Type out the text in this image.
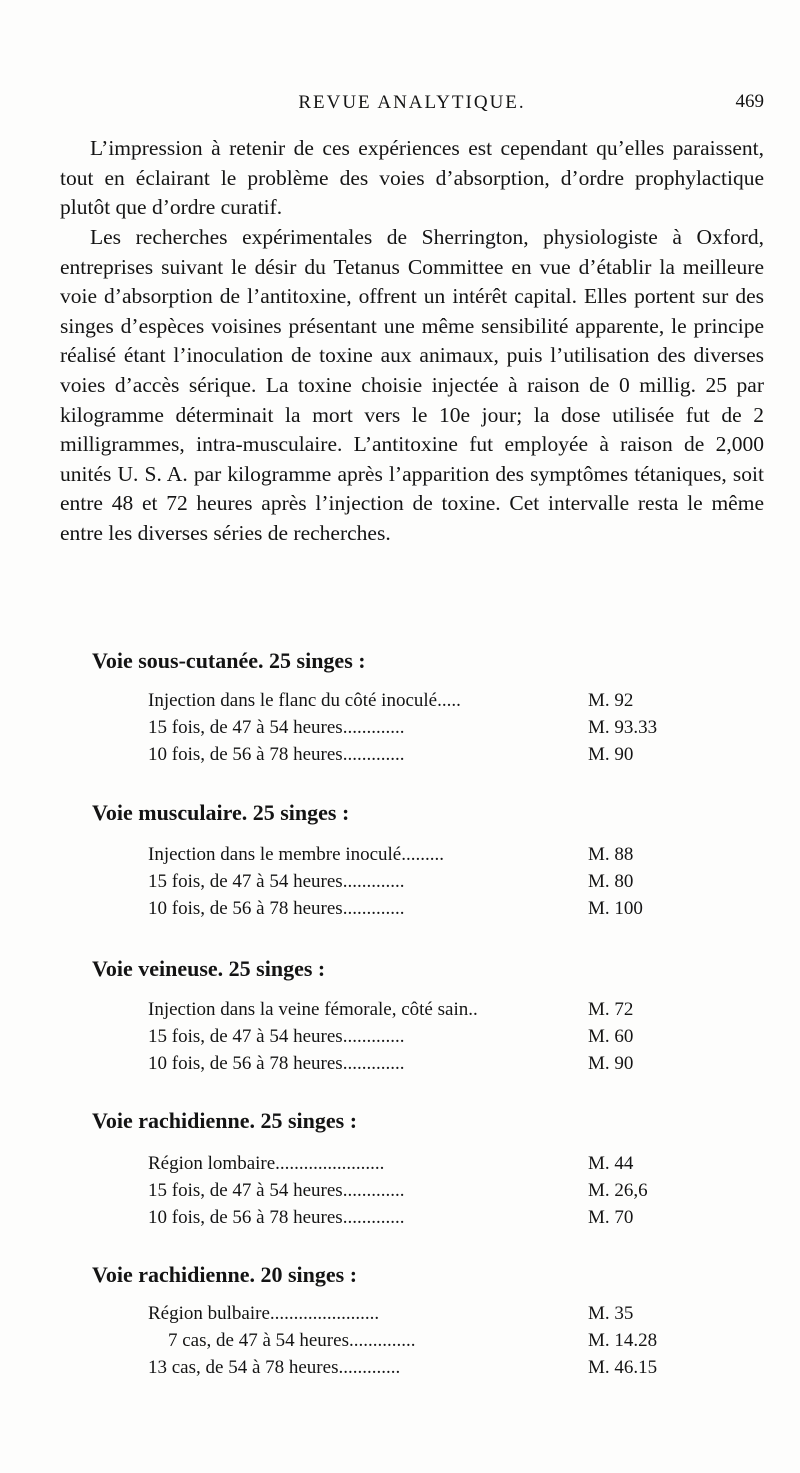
REVUE ANALYTIQUE.	469

L’impression à retenir de ces expériences est cependant qu’elles paraissent, tout en éclairant le problème des voies d’absorption, d’ordre prophylactique plutôt que d’ordre curatif.

Les recherches expérimentales de Sherrington, physiologiste à Oxford, entreprises suivant le désir du Tetanus Committee en vue d’établir la meilleure voie d’absorption de l’antitoxine, offrent un intérêt capital. Elles portent sur des singes d’espèces voisines présentant une même sensibilité apparente, le principe réalisé étant l’inoculation de toxine aux animaux, puis l’utilisation des diverses voies d’accès sérique. La toxine choisie injectée à raison de 0 millig. 25 par kilogramme déterminait la mort vers le 10e jour; la dose utilisée fut de 2 milligrammes, intra-musculaire. L’antitoxine fut employée à raison de 2,000 unités U. S. A. par kilogramme après l’apparition des symptômes tétaniques, soit entre 48 et 72 heures après l’injection de toxine. Cet intervalle resta le même entre les diverses séries de recherches.

Voie sous-cutanée. 25 singes :
Injection dans le flanc du côté inoculé.....	M. 92
15 fois, de 47 à 54 heures.............	M. 93.33
10 fois, de 56 à 78 heures.............	M. 90
Voie musculaire. 25 singes :
Injection dans le membre inoculé.........	M. 88
15 fois, de 47 à 54 heures.............	M. 80
10 fois, de 56 à 78 heures.............	M. 100
Voie veineuse. 25 singes :
Injection dans la veine fémorale, côté sain..	M. 72
15 fois, de 47 à 54 heures.............	M. 60
10 fois, de 56 à 78 heures.............	M. 90
Voie rachidienne. 25 singes :
Région lombaire.......................	M. 44
15 fois, de 47 à 54 heures.............	M. 26,6
10 fois, de 56 à 78 heures.............	M. 70
Voie rachidienne. 20 singes :
Région bulbaire.......................	M. 35
7 cas, de 47 à 54 heures..............	M. 14.28
13 cas, de 54 à 78 heures.............	M. 46.15
